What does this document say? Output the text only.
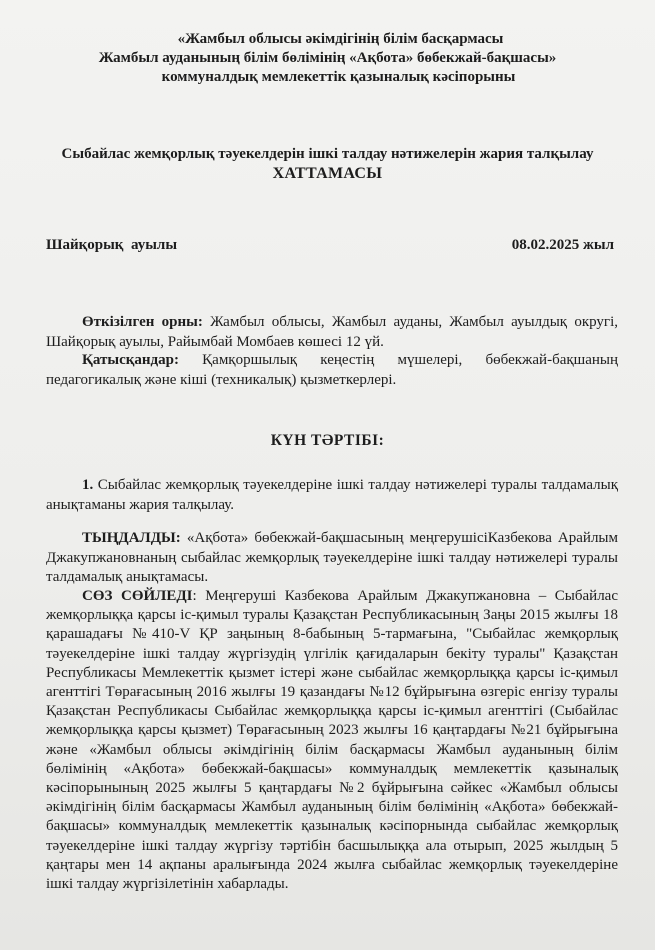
«Жамбыл облысы әкімдігінің білім басқармасы
Жамбыл ауданының білім бөлімінің «Ақбота» бөбекжай-бақшасы»
коммуналдық мемлекеттік қазыналық кәсіпорыны
Сыбайлас жемқорлық тәуекелдерін ішкі талдау нәтижелерін жария талқылау
ХАТТАМАСЫ
Шайқорық  ауылы	08.02.2025 жыл
Өткізілген орны: Жамбыл облысы, Жамбыл ауданы, Жамбыл ауылдық округі, Шайқорық ауылы, Райымбай Момбаев көшесі 12 үй.
Қатысқандар: Қамқоршылық кеңестің мүшелері, бөбекжай-бақшаның педагогикалық және кіші (техникалық) қызметкерлері.
КҮН ТӘРТІБІ:
1. Сыбайлас жемқорлық тәуекелдеріне ішкі талдау нәтижелері туралы талдамалық анықтаманы жария талқылау.
ТЫҢДАЛДЫ: «Ақбота» бөбекжай-бақшасының меңгерушісіКазбекова Арайлым Джакупжановнаның сыбайлас жемқорлық тәуекелдеріне ішкі талдау нәтижелері туралы талдамалық анықтамасы.
СӨЗ СӨЙЛЕДІ: Меңгеруші Казбекова Арайлым Джакупжановна – Сыбайлас жемқорлыққа қарсы іс-қимыл туралы Қазақстан Республикасының Заңы 2015 жылғы 18 қарашадағы №410-V ҚР заңының 8-бабының 5-тармағына, "Сыбайлас жемқорлық тәуекелдеріне ішкі талдау жүргізудің үлгілік қағидаларын бекіту туралы" Қазақстан Республикасы Мемлекеттік қызмет істері және сыбайлас жемқорлыққа қарсы іс-қимыл агенттігі Төрағасының 2016 жылғы 19 қазандағы №12 бұйрығына өзгеріс енгізу туралы Қазақстан Республикасы Сыбайлас жемқорлыққа қарсы іс-қимыл агенттігі (Сыбайлас жемқорлыққа қарсы қызмет) Төрағасының 2023 жылғы 16 қаңтардағы №21 бұйрығына және «Жамбыл облысы әкімдігінің білім басқармасы Жамбыл ауданының білім бөлімінің «Ақбота» бөбекжай-бақшасы» коммуналдық мемлекеттік қазыналық кәсіпорынының 2025 жылғы 5 қаңтардағы №2 бұйрығына сәйкес «Жамбыл облысы әкімдігінің білім басқармасы Жамбыл ауданының білім бөлімінің «Ақбота» бөбекжай-бақшасы» коммуналдық мемлекеттік қазыналық кәсіпорнында сыбайлас жемқорлық тәуекелдеріне ішкі талдау жүргізу тәртібін басшылыққа ала отырып, 2025 жылдың 5 қаңтары мен 14 ақпаны аралығында 2024 жылға сыбайлас жемқорлық тәуекелдеріне ішкі талдау жүргізілетінін хабарлады.
